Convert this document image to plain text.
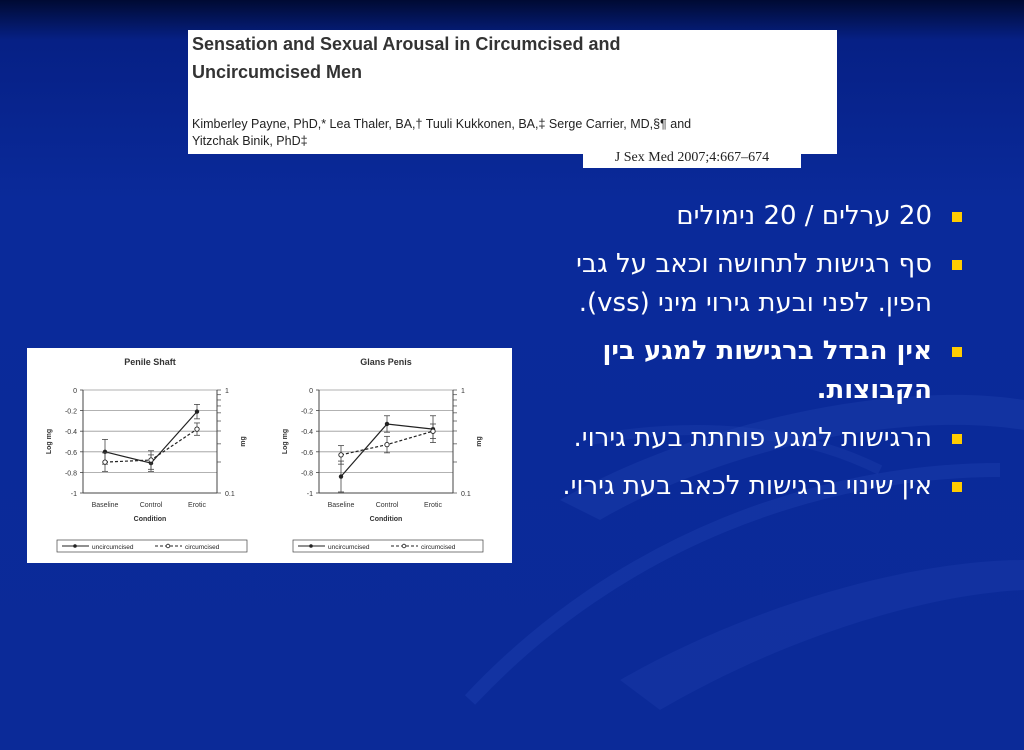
Sensation and Sexual Arousal in Circumcised and
Uncircumcised Men
Kimberley Payne, PhD,* Lea Thaler, BA,† Tuuli Kukkonen, BA,‡ Serge Carrier, MD,§¶ and
Yitzchak Binik, PhD‡
J Sex Med 2007;4:667–674
Penile Shaft
0
-0.2
-0.4
-0.6
-0.8
-1
1
0.1
Log mg	mg
Baseline	Control	Erotic
Condition
uncircumcised	circumcised
Glans Penis
0
-0.2
-0.4
-0.6
-0.8
-1
1
0.1
Log mg	mg
Baseline	Control	Erotic
Condition
uncircumcised	circumcised
20 ערלים / 20 נימולים
סף רגישות לתחושה וכאב על גבי הפין. לפני ובעת גירוי מיני (vss).
אין הבדל ברגישות למגע בין הקבוצות.
הרגישות למגע פוחתת בעת גירוי.
אין שינוי ברגישות לכאב בעת גירוי.
